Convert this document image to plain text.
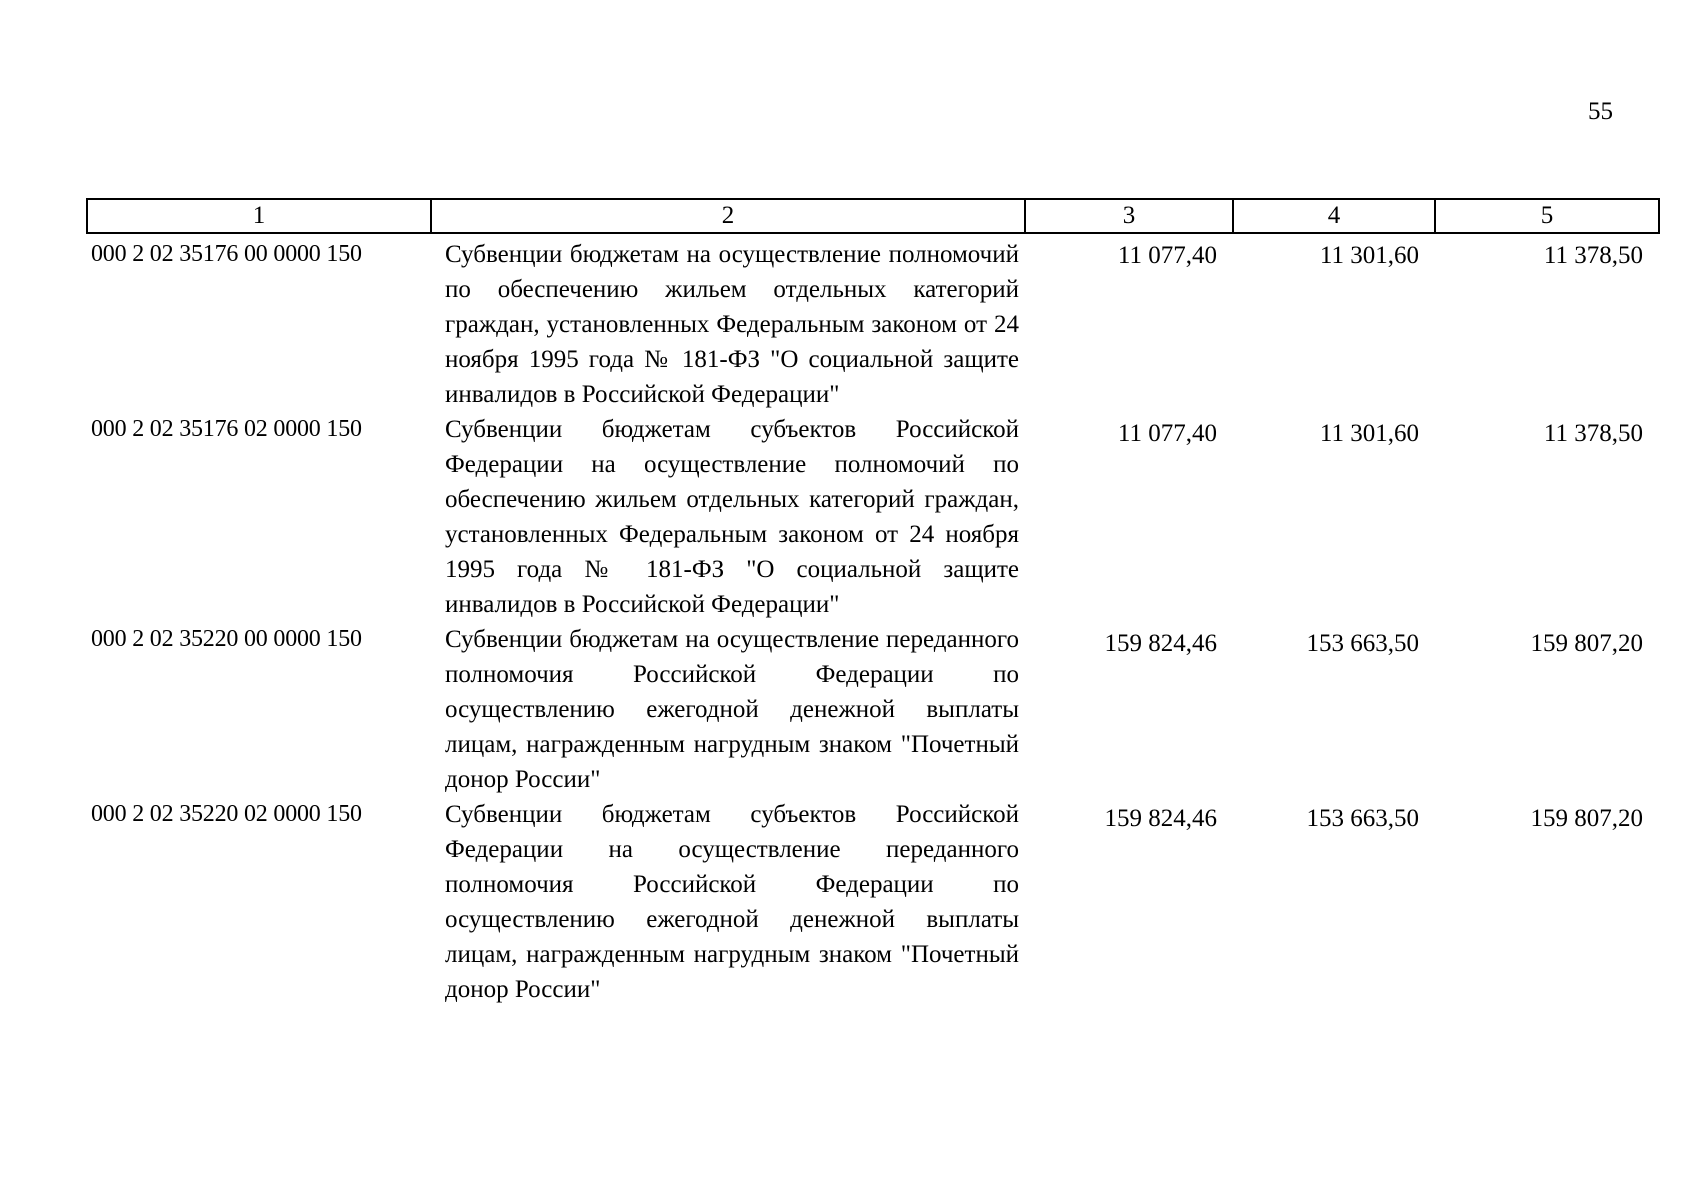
55
1	2	3	4	5
000 2 02 35176 00 0000 150	Субвенции бюджетам на осуществление полномочий по обеспечению жильем отдельных категорий граждан, установленных Федеральным законом от 24 ноября 1995 года № 181-ФЗ "О социальной защите инвалидов в Российской Федерации"	11 077,40	11 301,60	11 378,50
000 2 02 35176 02 0000 150	Субвенции бюджетам субъектов Российской Федерации на осуществление полномочий по обеспечению жильем отдельных категорий граждан, установленных Федеральным законом от 24 ноября 1995 года № 181-ФЗ "О социальной защите инвалидов в Российской Федерации"	11 077,40	11 301,60	11 378,50
000 2 02 35220 00 0000 150	Субвенции бюджетам на осуществление переданного полномочия Российской Федерации по осуществлению ежегодной денежной выплаты лицам, награжденным нагрудным знаком "Почетный донор России"	159 824,46	153 663,50	159 807,20
000 2 02 35220 02 0000 150	Субвенции бюджетам субъектов Российской Федерации на осуществление переданного полномочия Российской Федерации по осуществлению ежегодной денежной выплаты лицам, награжденным нагрудным знаком "Почетный донор России"	159 824,46	153 663,50	159 807,20
